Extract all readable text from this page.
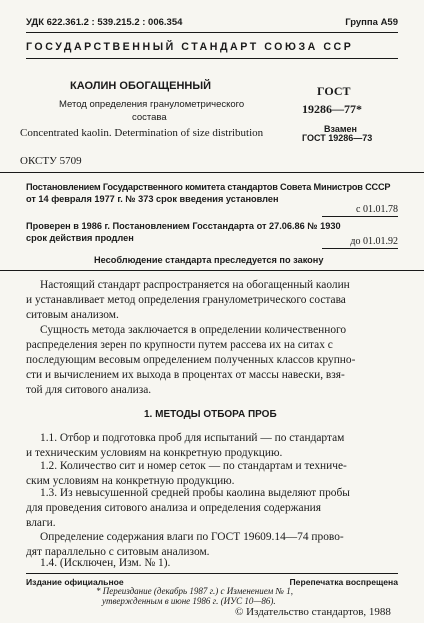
УДК 622.361.2 : 539.215.2 : 006.354	Группа А59
ГОСУДАРСТВЕННЫЙ СТАНДАРТ СОЮЗА ССР
КАОЛИН ОБОГАЩЕННЫЙ
Метод определения гранулометрического
состава
Concentrated kaolin. Determination of size distribution
ГОСТ
19286—77*
Взамен
ГОСТ 19286—73
ОКСТУ 5709
Постановлением Государственного комитета стандартов Совета Министров СССР
от 14 февраля 1977 г. № 373 срок введения установлен
с 01.01.78
Проверен в 1986 г. Постановлением Госстандарта от 27.06.86 № 1930
срок действия продлен	до 01.01.92
Несоблюдение стандарта преследуется по закону
Настоящий стандарт распространяется на обогащенный каолин
и устанавливает метод определения гранулометрического состава
ситовым анализом.
Сущность метода заключается в определении количественного
распределения зерен по крупности путем рассева их на ситах с
последующим весовым определением полученных классов крупно-
сти и вычислением их выхода в процентах от массы навески, взя-
той для ситового анализа.
1. МЕТОДЫ ОТБОРА ПРОБ
1.1. Отбор и подготовка проб для испытаний — по стандартам
и техническим условиям на конкретную продукцию.
1.2. Количество сит и номер сеток — по стандартам и техниче-
ским условиям на конкретную продукцию.
1.3. Из невысушенной средней пробы каолина выделяют пробы
для проведения ситового анализа и определения содержания
влаги.
Определение содержания влаги по ГОСТ 19609.14—74 прово-
дят параллельно с ситовым анализом.
1.4. (Исключен, Изм. № 1).
Издание официальное	Перепечатка воспрещена
* Переиздание (декабрь 1987 г.) с Изменением № 1,
утвержденным в июне 1986 г. (ИУС 10—86).
© Издательство стандартов, 1988
